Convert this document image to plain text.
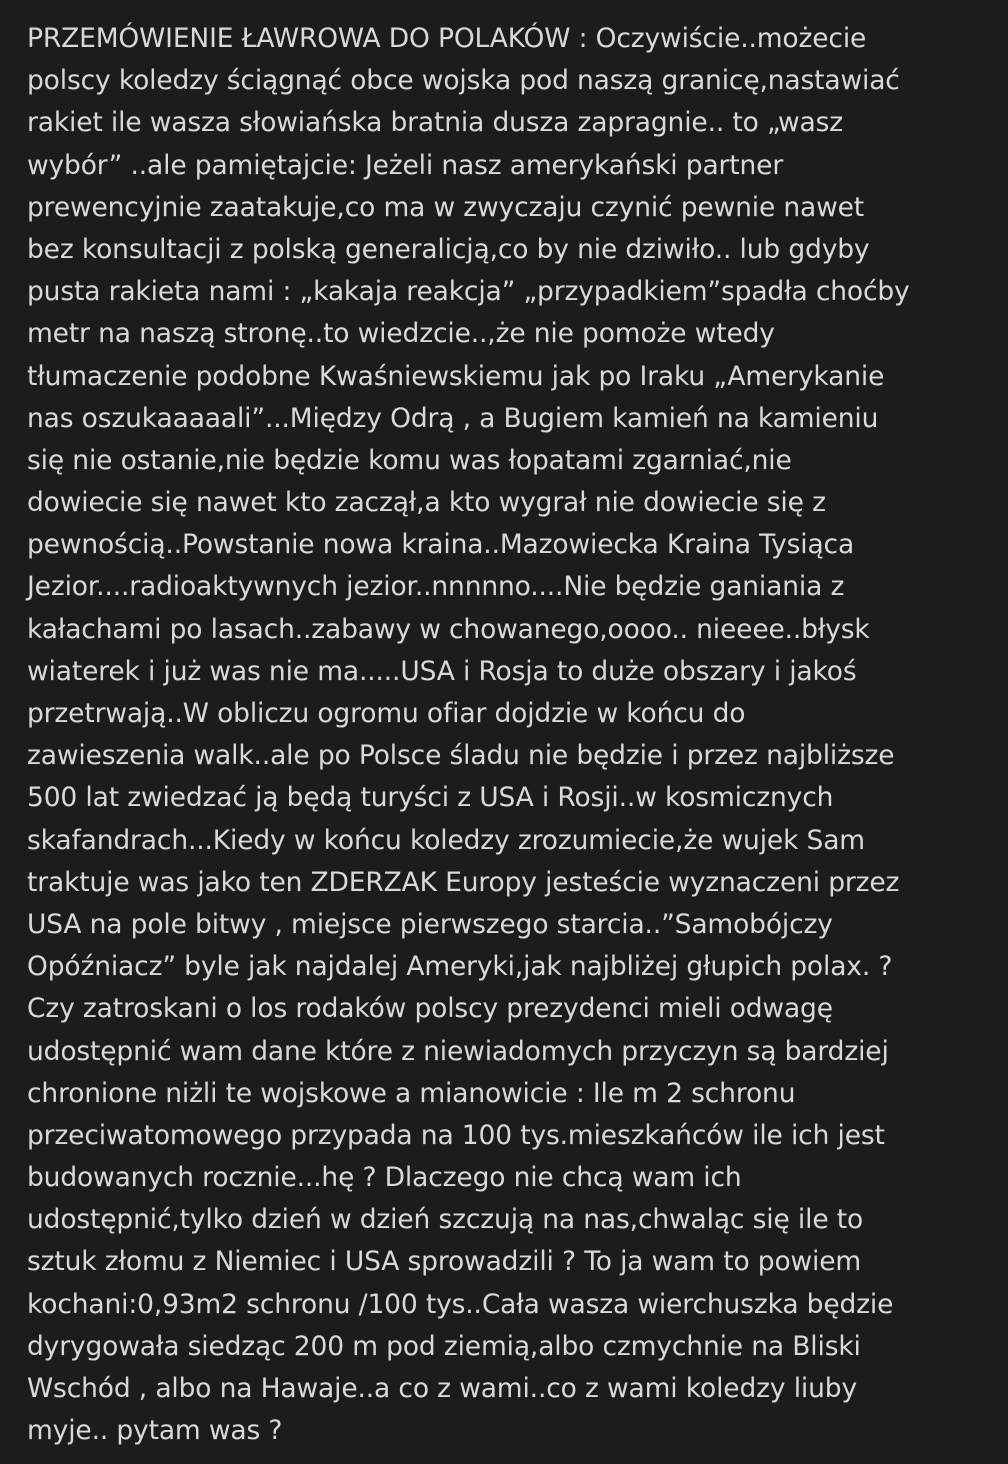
PRZEMÓWIENIE ŁAWROWA DO POLAKÓW : Oczywiście..możecie
polscy koledzy ściągnąć obce wojska pod naszą granicę,nastawiać
rakiet ile wasza słowiańska bratnia dusza zapragnie.. to „wasz
wybór” ..ale pamiętajcie: Jeżeli nasz amerykański partner
prewencyjnie zaatakuje,co ma w zwyczaju czynić pewnie nawet
bez konsultacji z polską generalicją,co by nie dziwiło.. lub gdyby
pusta rakieta nami : „kakaja reakcja” „przypadkiem”spadła choćby
metr na naszą stronę..to wiedzcie..,że nie pomoże wtedy
tłumaczenie podobne Kwaśniewskiemu jak po Iraku „Amerykanie
nas oszukaaaaali”...Między Odrą , a Bugiem kamień na kamieniu
się nie ostanie,nie będzie komu was łopatami zgarniać,nie
dowiecie się nawet kto zaczął,a kto wygrał nie dowiecie się z
pewnością..Powstanie nowa kraina..Mazowiecka Kraina Tysiąca
Jezior....radioaktywnych jezior..nnnnno....Nie będzie ganiania z
kałachami po lasach..zabawy w chowanego,oooo.. nieeee..błysk
wiaterek i już was nie ma.....USA i Rosja to duże obszary i jakoś
przetrwają..W obliczu ogromu ofiar dojdzie w końcu do
zawieszenia walk..ale po Polsce śladu nie będzie i przez najbliższe
500 lat zwiedzać ją będą turyści z USA i Rosji..w kosmicznych
skafandrach...Kiedy w końcu koledzy zrozumiecie,że wujek Sam
traktuje was jako ten ZDERZAK Europy jesteście wyznaczeni przez
USA na pole bitwy , miejsce pierwszego starcia..”Samobójczy
Opóźniacz” byle jak najdalej Ameryki,jak najbliżej głupich polax. ?
Czy zatroskani o los rodaków polscy prezydenci mieli odwagę
udostępnić wam dane które z niewiadomych przyczyn są bardziej
chronione niżli te wojskowe a mianowicie : Ile m 2 schronu
przeciwatomowego przypada na 100 tys.mieszkańców ile ich jest
budowanych rocznie...hę ? Dlaczego nie chcą wam ich
udostępnić,tylko dzień w dzień szczują na nas,chwaląc się ile to
sztuk złomu z Niemiec i USA sprowadzili ? To ja wam to powiem
kochani:0,93m2 schronu /100 tys..Cała wasza wierchuszka będzie
dyrygowała siedząc 200 m pod ziemią,albo czmychnie na Bliski
Wschód , albo na Hawaje..a co z wami..co z wami koledzy liuby
myje.. pytam was ?
